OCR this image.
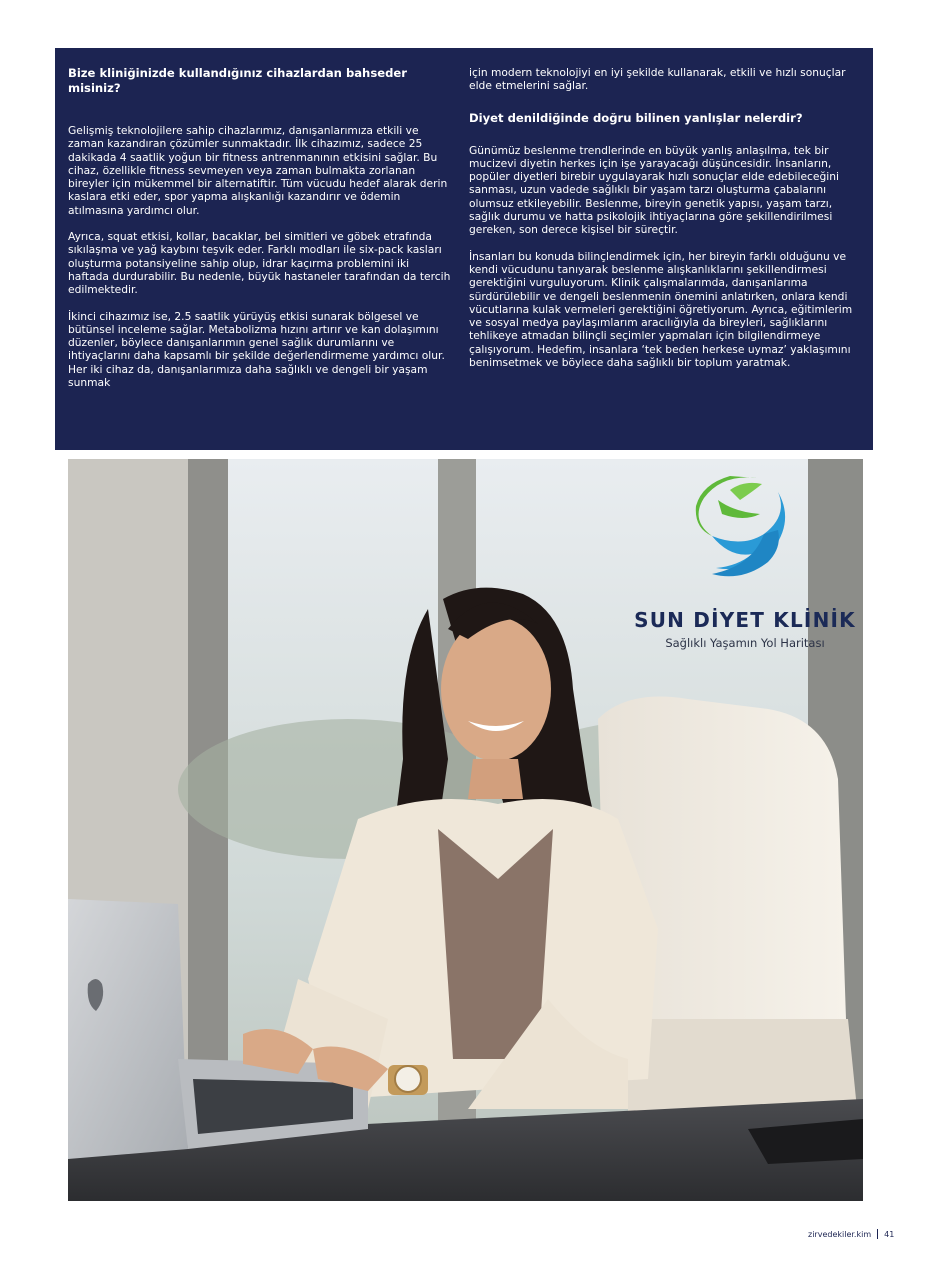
Bize kliniğinizde kullandığınız cihazlardan bahseder misiniz?

Gelişmiş teknolojilere sahip cihazlarımız, danışanlarımıza etkili ve zaman kazandıran çözümler sunmaktadır. İlk cihazımız, sadece 25 dakikada 4 saatlik yoğun bir fitness antrenmanının etkisini sağlar. Bu cihaz, özellikle fitness sevmeyen veya zaman bulmakta zorlanan bireyler için mükemmel bir alternatiftir. Tüm vücudu hedef alarak derin kaslara etki eder, spor yapma alışkanlığı kazandırır ve ödemin atılmasına yardımcı olur.

Ayrıca, squat etkisi, kollar, bacaklar, bel simitleri ve göbek etrafında sıkılaşma ve yağ kaybını teşvik eder. Farklı modları ile six-pack kasları oluşturma potansiyeline sahip olup, idrar kaçırma problemini iki haftada durdurabilir. Bu nedenle, büyük hastaneler tarafından da tercih edilmektedir.

İkinci cihazımız ise, 2.5 saatlik yürüyüş etkisi sunarak bölgesel ve bütünsel inceleme sağlar. Metabolizma hızını artırır ve kan dolaşımını düzenler, böylece danışanlarımın genel sağlık durumlarını ve ihtiyaçlarını daha kapsamlı bir şekilde değerlendirmeme yardımcı olur. Her iki cihaz da, danışanlarımıza daha sağlıklı ve dengeli bir yaşam sunmak

için modern teknolojiyi en iyi şekilde kullanarak, etkili ve hızlı sonuçlar elde etmelerini sağlar.

Diyet denildiğinde doğru bilinen yanlışlar nelerdir?

Günümüz beslenme trendlerinde en büyük yanlış anlaşılma, tek bir mucizevi diyetin herkes için işe yarayacağı düşüncesidir. İnsanların, popüler diyetleri birebir uygulayarak hızlı sonuçlar elde edebileceğini sanması, uzun vadede sağlıklı bir yaşam tarzı oluşturma çabalarını olumsuz etkileyebilir. Beslenme, bireyin genetik yapısı, yaşam tarzı, sağlık durumu ve hatta psikolojik ihtiyaçlarına göre şekillendirilmesi gereken, son derece kişisel bir süreçtir.

İnsanları bu konuda bilinçlendirmek için, her bireyin farklı olduğunu ve kendi vücudunu tanıyarak beslenme alışkanlıklarını şekillendirmesi gerektiğini vurguluyorum. Klinik çalışmalarımda, danışanlarıma sürdürülebilir ve dengeli beslenmenin önemini anlatırken, onlara kendi vücutlarına kulak vermeleri gerektiğini öğretiyorum. Ayrıca, eğitimlerim ve sosyal medya paylaşımlarım aracılığıyla da bireyleri, sağlıklarını tehlikeye atmadan bilinçli seçimler yapmaları için bilgilendirmeye çalışıyorum. Hedefim, insanlara ‘tek beden herkese uymaz’ yaklaşımını benimsetmek ve böylece daha sağlıklı bir toplum yaratmak.

SUN DİYET KLİNİK
Sağlıklı Yaşamın Yol Haritası
zirvedekiler.kim 41
